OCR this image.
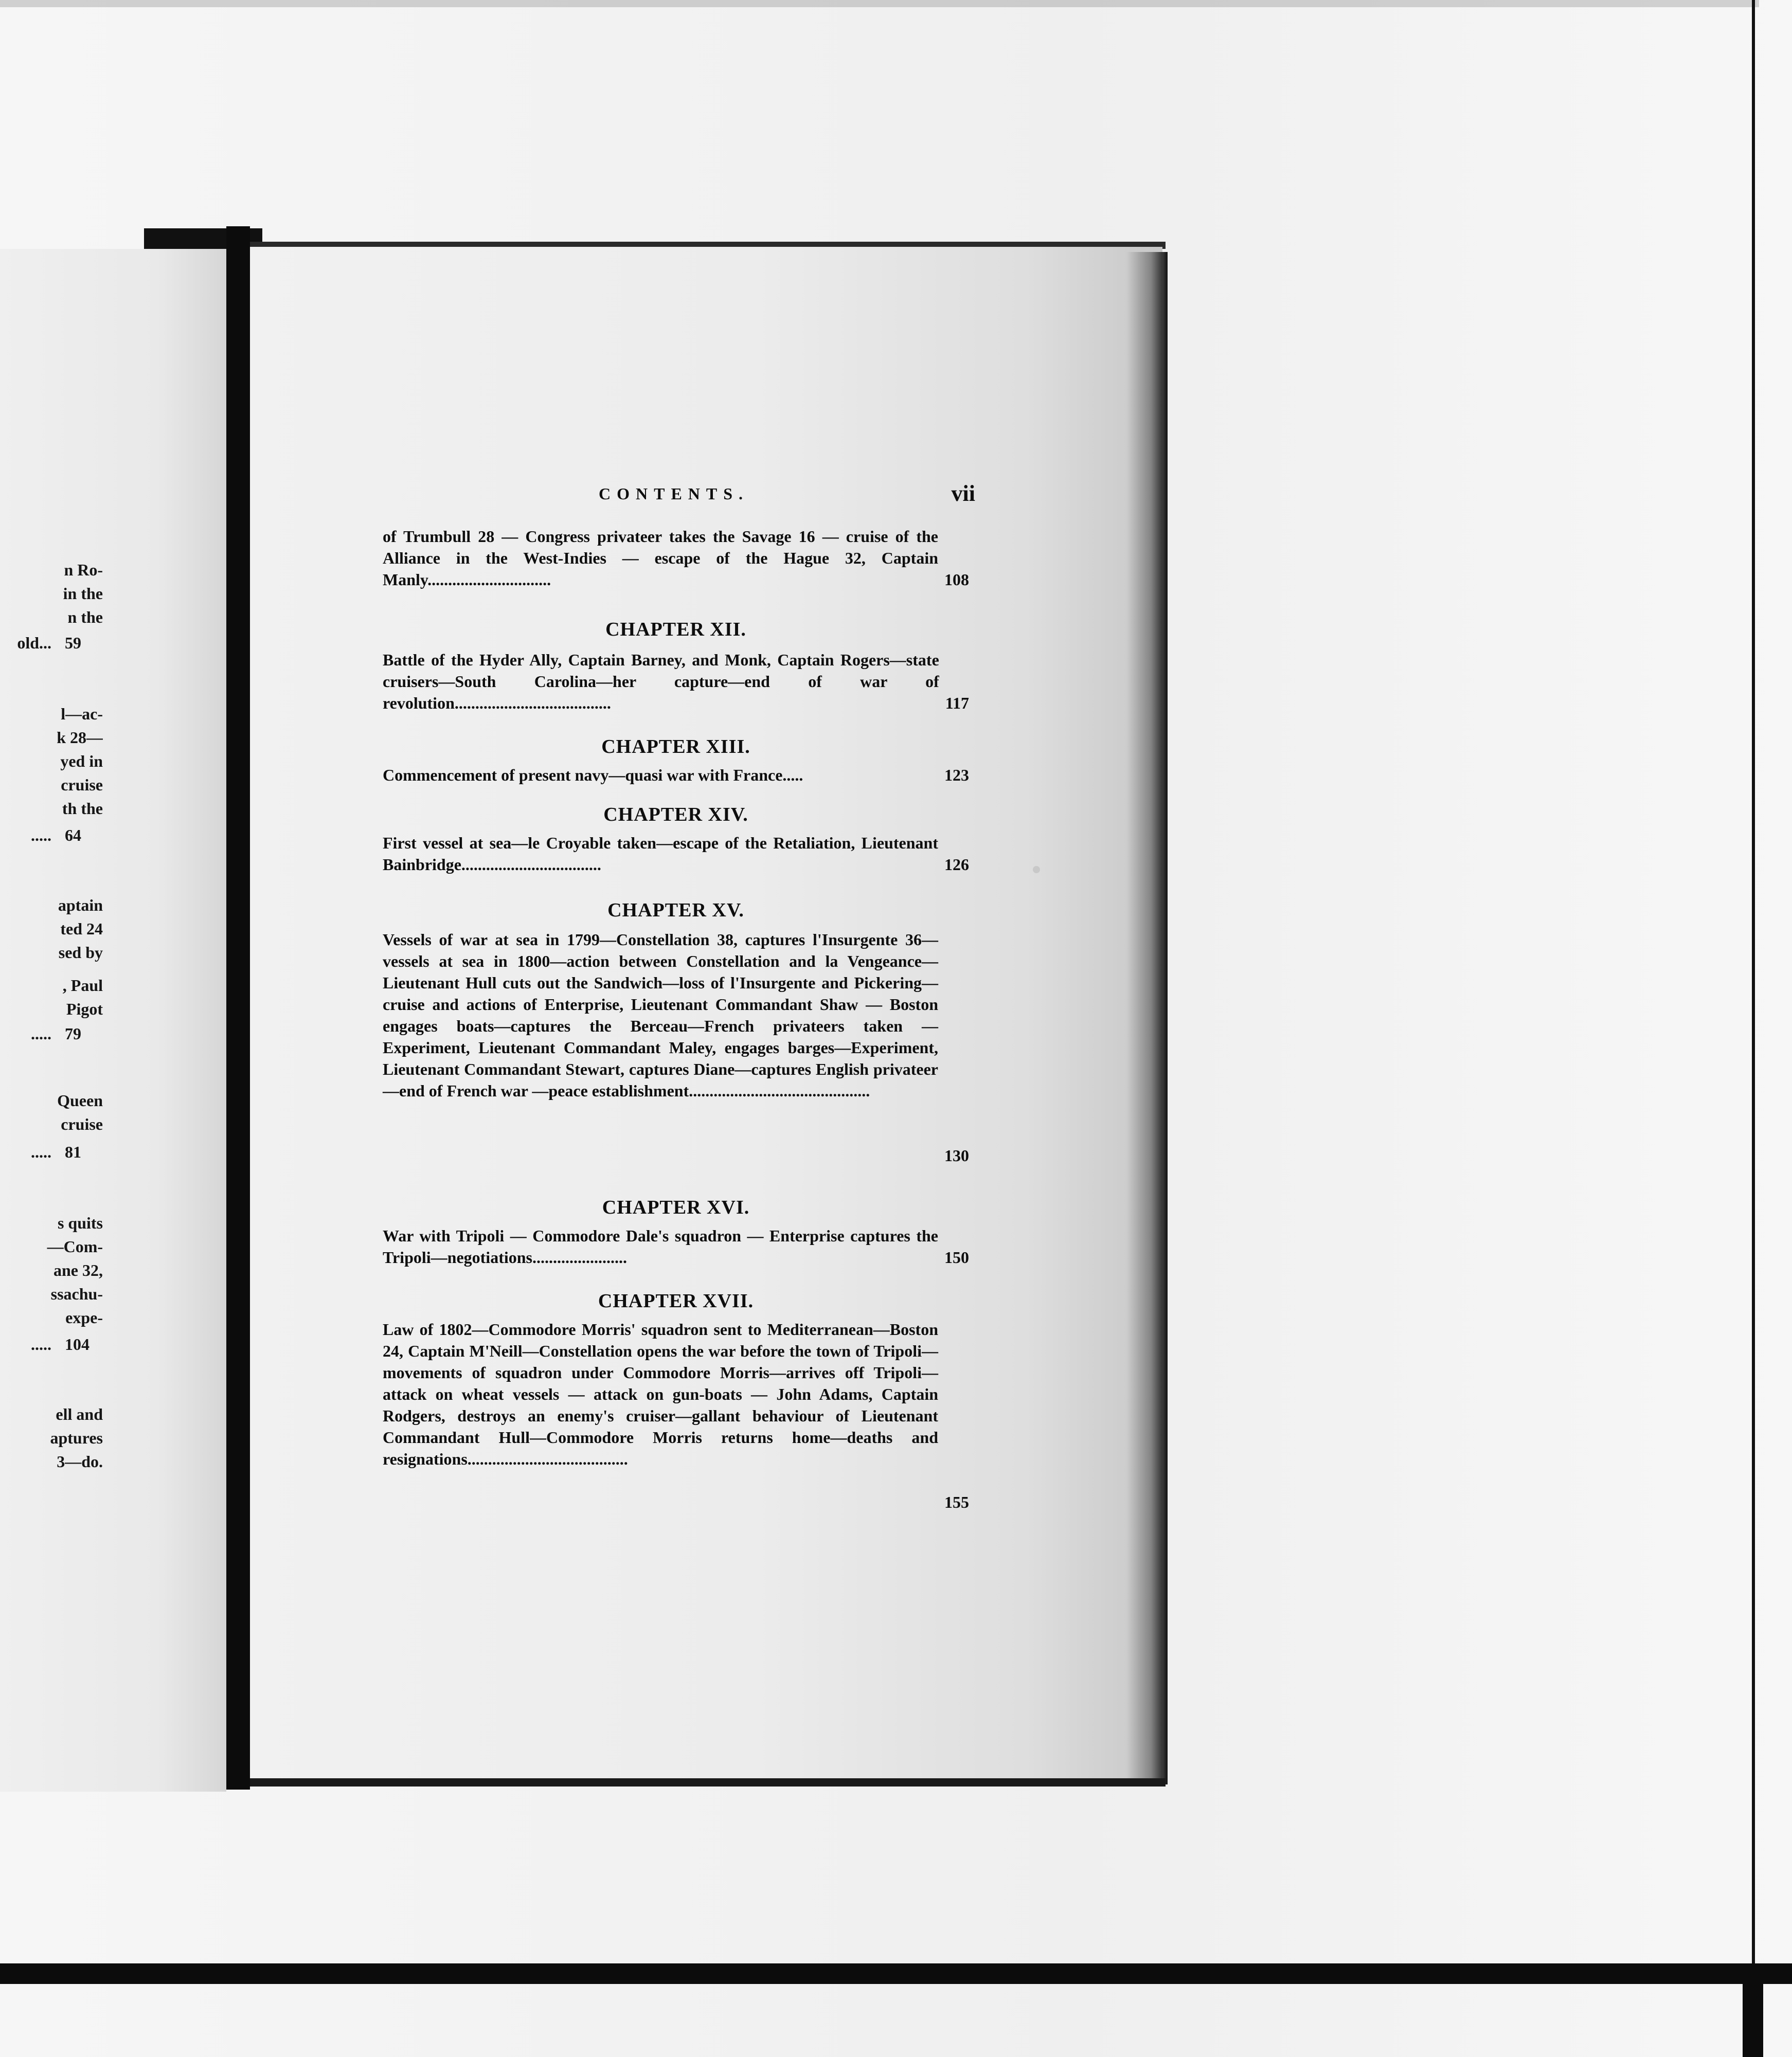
n Ro-
in the
n the
old... 59
l—ac-
k 28—
yed in
cruise
th the
..... 64
aptain
ted 24
sed by
, Paul
Pigot
..... 79
Queen
cruise
..... 81
s quits
—Com-
ane 32,
ssachu-
expe-
..... 104
ell and
aptures
3—do.
CONTENTS.	vii
108
of Trumbull 28 — Congress privateer takes the Savage 16 — cruise of the Alliance in the West-Indies — escape of the Hague 32, Captain Manly..............................
CHAPTER XII.
117
Battle of the Hyder Ally, Captain Barney, and Monk, Captain Rogers—state cruisers—South Carolina—her capture—end of war of revolution......................................
CHAPTER XIII.
123
Commencement of present navy—quasi war with France.....
CHAPTER XIV.
126
First vessel at sea—le Croyable taken—escape of the Retaliation, Lieutenant Bainbridge..................................
CHAPTER XV.
130
Vessels of war at sea in 1799—Constellation 38, captures l'Insurgente 36—vessels at sea in 1800—action between Constellation and la Vengeance—Lieutenant Hull cuts out the Sandwich—loss of l'Insurgente and Pickering—cruise and actions of Enterprise, Lieutenant Commandant Shaw — Boston engages boats—captures the Berceau—French privateers taken — Experiment, Lieutenant Commandant Maley, engages barges—Experiment, Lieutenant Commandant Stewart, captures Diane—captures English privateer—end of French war —peace establishment............................................
CHAPTER XVI.
150
War with Tripoli — Commodore Dale's squadron — Enterprise captures the Tripoli—negotiations.......................
CHAPTER XVII.
155
Law of 1802—Commodore Morris' squadron sent to Mediterranean—Boston 24, Captain M'Neill—Constellation opens the war before the town of Tripoli—movements of squadron under Commodore Morris—arrives off Tripoli—attack on wheat vessels — attack on gun-boats — John Adams, Captain Rodgers, destroys an enemy's cruiser—gallant behaviour of Lieutenant Commandant Hull—Commodore Morris returns home—deaths and resignations.......................................
